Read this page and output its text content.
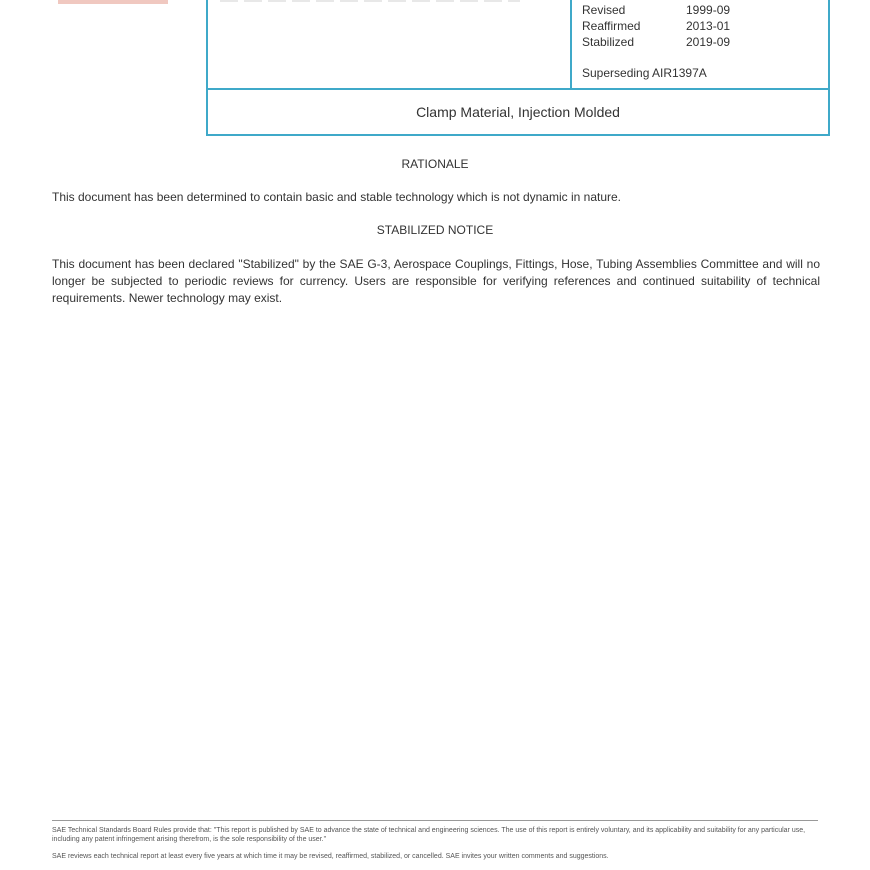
Revised	1999-09
Reaffirmed	2013-01
Stabilized	2019-09
Superseding AIR1397A
Clamp Material, Injection Molded
RATIONALE
This document has been determined to contain basic and stable technology which is not dynamic in nature.
STABILIZED NOTICE
This document has been declared "Stabilized" by the SAE G-3, Aerospace Couplings, Fittings, Hose, Tubing Assemblies Committee and will no longer be subjected to periodic reviews for currency. Users are responsible for verifying references and continued suitability of technical requirements. Newer technology may exist.
SAE Technical Standards Board Rules provide that: "This report is published by SAE to advance the state of technical and engineering sciences. The use of this report is entirely voluntary, and its applicability and suitability for any particular use, including any patent infringement arising therefrom, is the sole responsibility of the user."
SAE reviews each technical report at least every five years at which time it may be revised, reaffirmed, stabilized, or cancelled. SAE invites your written comments and suggestions.
